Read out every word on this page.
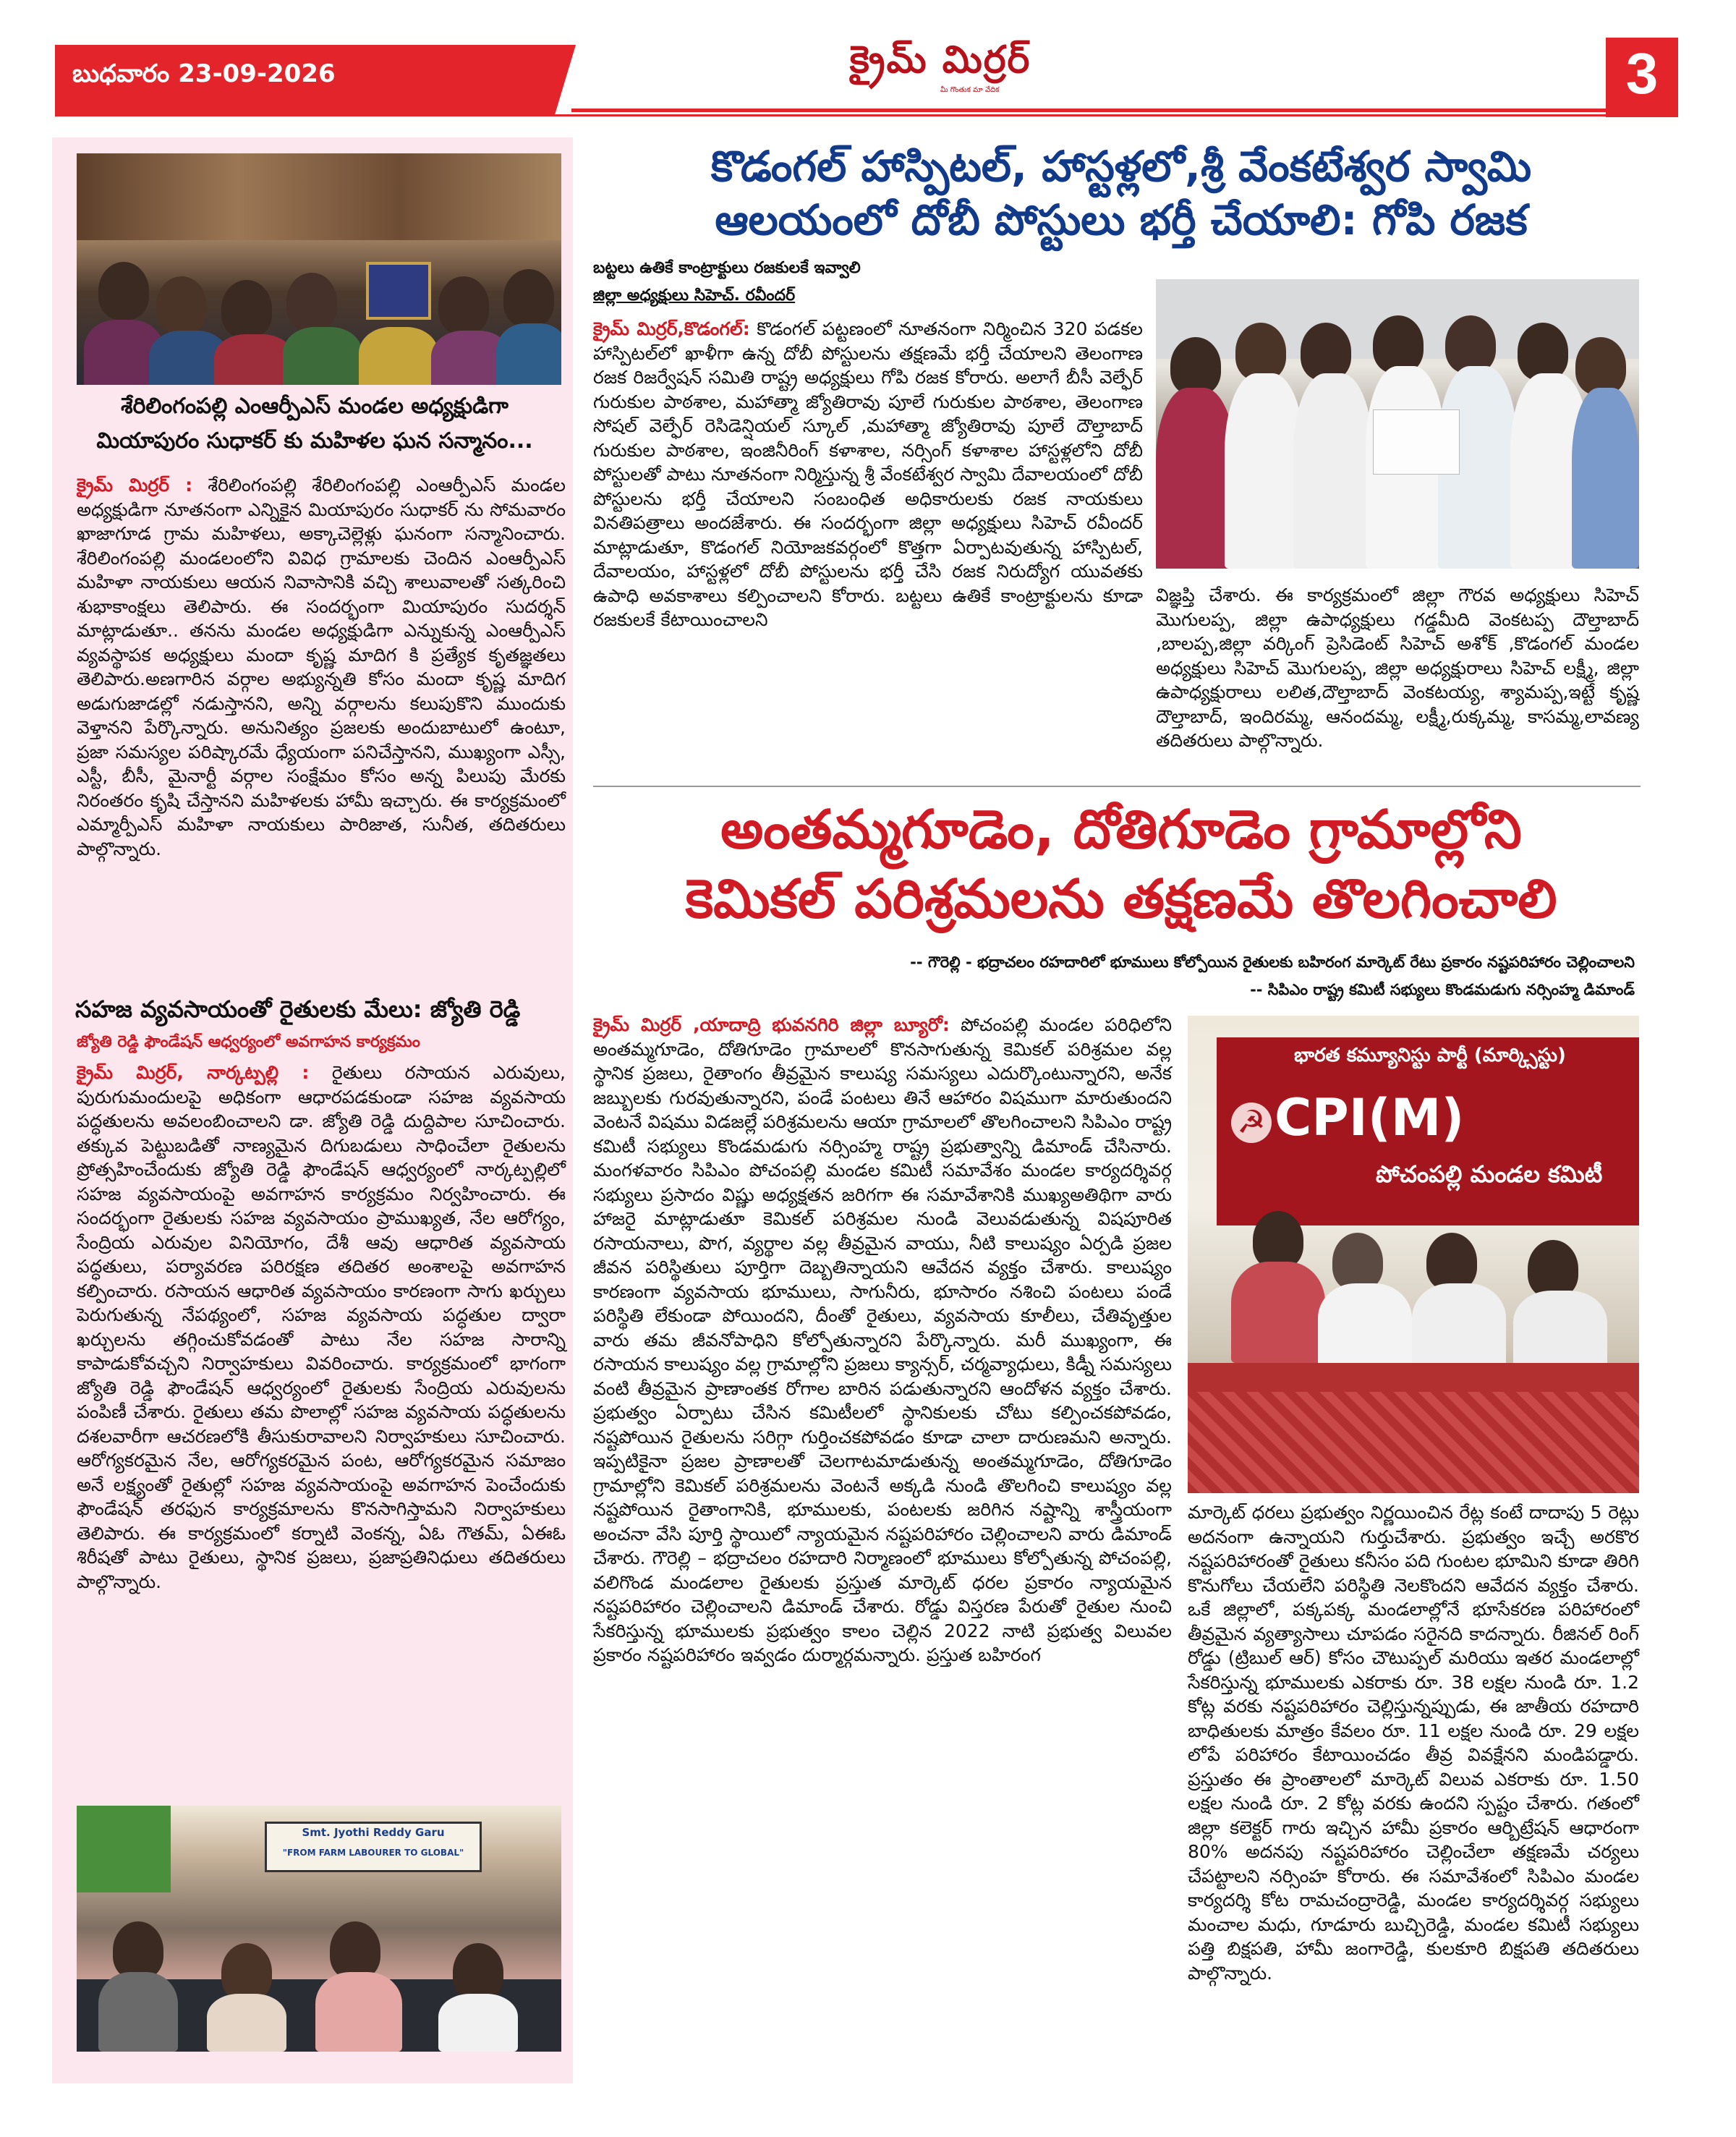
బుధవారం 23-09-2026	క్రైమ్ మిర్రర్
మీ గొంతుక మా వేదిక	3
శేరిలింగంపల్లి ఎంఆర్పీఎస్ మండల అధ్యక్షుడిగా
మియాపురం సుధాకర్ కు మహిళల ఘన సన్మానం...
క్రైమ్ మిర్రర్ : శేరిలింగంపల్లి శేరిలింగంపల్లి ఎంఆర్పీఎస్ మండల అధ్యక్షుడిగా నూతనంగా ఎన్నికైన మియాపురం సుధాకర్ ను సోమవారం ఖాజాగూడ గ్రామ మహిళలు, అక్కాచెల్లెళ్లు ఘనంగా సన్మానించారు. శేరిలింగంపల్లి మండలంలోని వివిధ గ్రామాలకు చెందిన ఎంఆర్పీఎస్ మహిళా నాయకులు ఆయన నివాసానికి వచ్చి శాలువాలతో సత్కరించి శుభాకాంక్షలు తెలిపారు. ఈ సందర్భంగా మియాపురం సుదర్శన్ మాట్లాడుతూ.. తనను మండల అధ్యక్షుడిగా ఎన్నుకున్న ఎంఆర్పీఎస్ వ్యవస్థాపక అధ్యక్షులు మందా కృష్ణ మాదిగ కి ప్రత్యేక కృతజ్ఞతలు తెలిపారు.అణగారిన వర్గాల అభ్యున్నతి కోసం మందా కృష్ణ మాదిగ అడుగుజాడల్లో నడుస్తానని, అన్ని వర్గాలను కలుపుకొని ముందుకు వెళ్తానని పేర్కొన్నారు. అనునిత్యం ప్రజలకు అందుబాటులో ఉంటూ, ప్రజా సమస్యల పరిష్కారమే ధ్యేయంగా పనిచేస్తానని, ముఖ్యంగా ఎస్సీ, ఎస్టీ, బీసీ, మైనార్టీ వర్గాల సంక్షేమం కోసం అన్న పిలుపు మేరకు నిరంతరం కృషి చేస్తానని మహిళలకు హామీ ఇచ్చారు. ఈ కార్యక్రమంలో ఎమ్మార్పీఎస్ మహిళా నాయకులు పారిజాత, సునీత, తదితరులు పాల్గొన్నారు.
సహజ వ్యవసాయంతో రైతులకు మేలు: జ్యోతి రెడ్డి
జ్యోతి రెడ్డి ఫౌండేషన్ ఆధ్వర్యంలో అవగాహన కార్యక్రమం
క్రైమ్ మిర్రర్, నార్కట్పల్లి : రైతులు రసాయన ఎరువులు, పురుగుమందులపై అధికంగా ఆధారపడకుండా సహజ వ్యవసాయ పద్ధతులను అవలంబించాలని డా. జ్యోతి రెడ్డి దుద్దిపాల సూచించారు. తక్కువ పెట్టుబడితో నాణ్యమైన దిగుబడులు సాధించేలా రైతులను ప్రోత్సహించేందుకు జ్యోతి రెడ్డి ఫౌండేషన్ ఆధ్వర్యంలో నార్కట్పల్లిలో సహజ వ్యవసాయంపై అవగాహన కార్యక్రమం నిర్వహించారు. ఈ సందర్భంగా రైతులకు సహజ వ్యవసాయం ప్రాముఖ్యత, నేల ఆరోగ్యం, సేంద్రియ ఎరువుల వినియోగం, దేశీ ఆవు ఆధారిత వ్యవసాయ పద్ధతులు, పర్యావరణ పరిరక్షణ తదితర అంశాలపై అవగాహన కల్పించారు. రసాయన ఆధారిత వ్యవసాయం కారణంగా సాగు ఖర్చులు పెరుగుతున్న నేపథ్యంలో, సహజ వ్యవసాయ పద్ధతుల ద్వారా ఖర్చులను తగ్గించుకోవడంతో పాటు నేల సహజ సారాన్ని కాపాడుకోవచ్చని నిర్వాహకులు వివరించారు. కార్యక్రమంలో భాగంగా జ్యోతి రెడ్డి ఫౌండేషన్ ఆధ్వర్యంలో రైతులకు సేంద్రియ ఎరువులను పంపిణీ చేశారు. రైతులు తమ పొలాల్లో సహజ వ్యవసాయ పద్ధతులను దశలవారీగా ఆచరణలోకి తీసుకురావాలని నిర్వాహకులు సూచించారు. ఆరోగ్యకరమైన నేల, ఆరోగ్యకరమైన పంట, ఆరోగ్యకరమైన సమాజం అనే లక్ష్యంతో రైతుల్లో సహజ వ్యవసాయంపై అవగాహన పెంచేందుకు ఫౌండేషన్ తరఫున కార్యక్రమాలను కొనసాగిస్తామని నిర్వాహకులు తెలిపారు. ఈ కార్యక్రమంలో కర్నాటి వెంకన్న, ఏఓ గౌతమ్, ఏఈఓ శిరీషతో పాటు రైతులు, స్థానిక ప్రజలు, ప్రజాప్రతినిధులు తదితరులు పాల్గొన్నారు.
Smt. Jyothi Reddy Garu
"FROM FARM LABOURER TO GLOBAL"
కొడంగల్ హాస్పిటల్, హాస్టళ్లలో,శ్రీ వేంకటేశ్వర స్వామి
ఆలయంలో దోబీ పోస్టులు భర్తీ చేయాలి: గోపి రజక
బట్టలు ఉతికే కాంట్రాక్టులు రజకులకే ఇవ్వాలి
జిల్లా అధ్యక్షులు సిహెచ్. రవీందర్
క్రైమ్ మిర్రర్,కొడంగల్: కొడంగల్ పట్టణంలో నూతనంగా నిర్మించిన 320 పడకల హాస్పిటల్‌లో ఖాళీగా ఉన్న దోబీ పోస్టులను తక్షణమే భర్తీ చేయాలని తెలంగాణ రజక రిజర్వేషన్ సమితి రాష్ట్ర అధ్యక్షులు గోపి రజక కోరారు. అలాగే బీసీ వెల్ఫేర్ గురుకుల పాఠశాల, మహాత్మా జ్యోతిరావు పూలే గురుకుల పాఠశాల, తెలంగాణ సోషల్ వెల్ఫేర్ రెసిడెన్షియల్ స్కూల్ ,మహాత్మా జ్యోతిరావు పూలే దౌల్తాబాద్ గురుకుల పాఠశాల, ఇంజినీరింగ్ కళాశాల, నర్సింగ్ కళాశాల హాస్టళ్లలోని దోబీ పోస్టులతో పాటు నూతనంగా నిర్మిస్తున్న శ్రీ వేంకటేశ్వర స్వామి దేవాలయంలో దోబీ పోస్టులను భర్తీ చేయాలని సంబంధిత అధికారులకు రజక నాయకులు వినతిపత్రాలు అందజేశారు. ఈ సందర్భంగా జిల్లా అధ్యక్షులు సిహెచ్ రవీందర్ మాట్లాడుతూ, కొడంగల్ నియోజకవర్గంలో కొత్తగా ఏర్పాటవుతున్న హాస్పిటల్, దేవాలయం, హాస్టళ్లలో దోబీ పోస్టులను భర్తీ చేసి రజక నిరుద్యోగ యువతకు ఉపాధి అవకాశాలు కల్పించాలని కోరారు. బట్టలు ఉతికే కాంట్రాక్టులను కూడా రజకులకే కేటాయించాలని
విజ్ఞప్తి చేశారు. ఈ కార్యక్రమంలో జిల్లా గౌరవ అధ్యక్షులు సిహెచ్ మొగులప్ప, జిల్లా ఉపాధ్యక్షులు గడ్డమీది వెంకటప్ప దౌల్తాబాద్ ,బాలప్ప,జిల్లా వర్కింగ్ ప్రెసిడెంట్ సిహెచ్ అశోక్ ,కొడంగల్ మండల అధ్యక్షులు సిహెచ్ మొగులప్ప, జిల్లా అధ్యక్షురాలు సిహెచ్ లక్ష్మీ, జిల్లా ఉపాధ్యక్షురాలు లలిత,దౌల్తాబాద్ వెంకటయ్య, శ్యామప్ప,ఇట్టే కృష్ణ దౌల్తాబాద్, ఇందిరమ్మ, ఆనందమ్మ, లక్ష్మీ,రుక్కమ్మ, కాసమ్మ,లావణ్య తదితరులు పాల్గొన్నారు.
అంతమ్మగూడెం, దోతిగూడెం గ్రామాల్లోని
కెమికల్ పరిశ్రమలను తక్షణమే తొలగించాలి
-- గౌరెల్లి - భద్రాచలం రహదారిలో భూములు కోల్పోయిన రైతులకు బహిరంగ మార్కెట్ రేటు ప్రకారం నష్టపరిహారం చెల్లించాలని
-- సిపిఎం రాష్ట్ర కమిటీ సభ్యులు కొండమడుగు నర్సింహ్మ డిమాండ్
క్రైమ్ మిర్రర్ ,యాదాద్రి భువనగిరి జిల్లా బ్యూరో: పోచంపల్లి మండల పరిధిలోని అంతమ్మగూడెం, దోతిగూడెం గ్రామాలలో కొనసాగుతున్న కెమికల్ పరిశ్రమల వల్ల స్థానిక ప్రజలు, రైతాంగం తీవ్రమైన కాలుష్య సమస్యలు ఎదుర్కొంటున్నారని, అనేక జబ్బులకు గురవుతున్నారని, పండే పంటలు తినే ఆహారం విషముగా మారుతుందని వెంటనే విషము విడజల్లే పరిశ్రమలను ఆయా గ్రామాలలో తొలగించాలని సిపిఎం రాష్ట్ర కమిటీ సభ్యులు కొండమడుగు నర్సింహ్మ రాష్ట్ర ప్రభుత్వాన్ని డిమాండ్ చేసినారు. మంగళవారం సిపిఎం పోచంపల్లి మండల కమిటీ సమావేశం మండల కార్యదర్శివర్గ సభ్యులు ప్రసాదం విష్ణు అధ్యక్షతన జరిగగా ఈ సమావేశానికి ముఖ్యఅతిథిగా వారు హాజరై మాట్లాడుతూ కెమికల్ పరిశ్రమల నుండి వెలువడుతున్న విషపూరిత రసాయనాలు, పొగ, వ్యర్థాల వల్ల తీవ్రమైన వాయు, నీటి కాలుష్యం ఏర్పడి ప్రజల జీవన పరిస్థితులు పూర్తిగా దెబ్బతిన్నాయని ఆవేదన వ్యక్తం చేశారు. కాలుష్యం కారణంగా వ్యవసాయ భూములు, సాగునీరు, భూసారం నశించి పంటలు పండే పరిస్థితి లేకుండా పోయిందని, దీంతో రైతులు, వ్యవసాయ కూలీలు, చేతివృత్తుల వారు తమ జీవనోపాధిని కోల్పోతున్నారని పేర్కొన్నారు. మరీ ముఖ్యంగా, ఈ రసాయన కాలుష్యం వల్ల గ్రామాల్లోని ప్రజలు క్యాన్సర్, చర్మవ్యాధులు, కిడ్నీ సమస్యలు వంటి తీవ్రమైన ప్రాణాంతక రోగాల బారిన పడుతున్నారని ఆందోళన వ్యక్తం చేశారు. ప్రభుత్వం ఏర్పాటు చేసిన కమిటీలలో స్థానికులకు చోటు కల్పించకపోవడం, నష్టపోయిన రైతులను సరిగ్గా గుర్తించకపోవడం కూడా చాలా దారుణమని అన్నారు. ఇప్పటికైనా ప్రజల ప్రాణాలతో చెలగాటమాడుతున్న అంతమ్మగూడెం, దోతిగూడెం గ్రామాల్లోని కెమికల్ పరిశ్రమలను వెంటనే అక్కడి నుండి తొలగించి కాలుష్యం వల్ల నష్టపోయిన రైతాంగానికి, భూములకు, పంటలకు జరిగిన నష్టాన్ని శాస్త్రీయంగా అంచనా వేసి పూర్తి స్థాయిలో న్యాయమైన నష్టపరిహారం చెల్లించాలని వారు డిమాండ్ చేశారు. గౌరెల్లి – భద్రాచలం రహదారి నిర్మాణంలో భూములు కోల్పోతున్న పోచంపల్లి, వలిగొండ మండలాల రైతులకు ప్రస్తుత మార్కెట్ ధరల ప్రకారం న్యాయమైన నష్టపరిహారం చెల్లించాలని డిమాండ్ చేశారు. రోడ్డు విస్తరణ పేరుతో రైతుల నుంచి సేకరిస్తున్న భూములకు ప్రభుత్వం కాలం చెల్లిన 2022 నాటి ప్రభుత్వ విలువల ప్రకారం నష్టపరిహారం ఇవ్వడం దుర్మార్గమన్నారు. ప్రస్తుత బహిరంగ
భారత కమ్యూనిస్టు పార్టీ (మార్క్సిస్టు)
CPI(M)
పోచంపల్లి మండల కమిటీ
☭
మార్కెట్ ధరలు ప్రభుత్వం నిర్ణయించిన రేట్ల కంటే దాదాపు 5 రెట్లు అదనంగా ఉన్నాయని గుర్తుచేశారు. ప్రభుత్వం ఇచ్చే అరకొర నష్టపరిహారంతో రైతులు కనీసం పది గుంటల భూమిని కూడా తిరిగి కొనుగోలు చేయలేని పరిస్థితి నెలకొందని ఆవేదన వ్యక్తం చేశారు. ఒకే జిల్లాలో, పక్కపక్క మండలాల్లోనే భూసేకరణ పరిహారంలో తీవ్రమైన వ్యత్యాసాలు చూపడం సరైనది కాదన్నారు. రీజినల్ రింగ్ రోడ్డు (ట్రిబుల్ ఆర్) కోసం చౌటుప్పల్ మరియు ఇతర మండలాల్లో సేకరిస్తున్న భూములకు ఎకరాకు రూ. 38 లక్షల నుండి రూ. 1.2 కోట్ల వరకు నష్టపరిహారం చెల్లిస్తున్నప్పుడు, ఈ జాతీయ రహదారి బాధితులకు మాత్రం కేవలం రూ. 11 లక్షల నుండి రూ. 29 లక్షల లోపే పరిహారం కేటాయించడం తీవ్ర వివక్షేనని మండిపడ్డారు. ప్రస్తుతం ఈ ప్రాంతాలలో మార్కెట్ విలువ ఎకరాకు రూ. 1.50 లక్షల నుండి రూ. 2 కోట్ల వరకు ఉందని స్పష్టం చేశారు. గతంలో జిల్లా కలెక్టర్ గారు ఇచ్చిన హామీ ప్రకారం ఆర్బిట్రేషన్ ఆధారంగా 80% అదనపు నష్టపరిహారం చెల్లించేలా తక్షణమే చర్యలు చేపట్టాలని నర్సింహ కోరారు. ఈ సమావేశంలో సిపిఎం మండల కార్యదర్శి కోట రామచంద్రారెడ్డి, మండల కార్యదర్శివర్గ సభ్యులు మంచాల మధు, గూడూరు బుచ్చిరెడ్డి, మండల కమిటీ సభ్యులు పత్తి బిక్షపతి, హామీ జంగారెడ్డి, కులకూరి బిక్షపతి తదితరులు పాల్గొన్నారు.
